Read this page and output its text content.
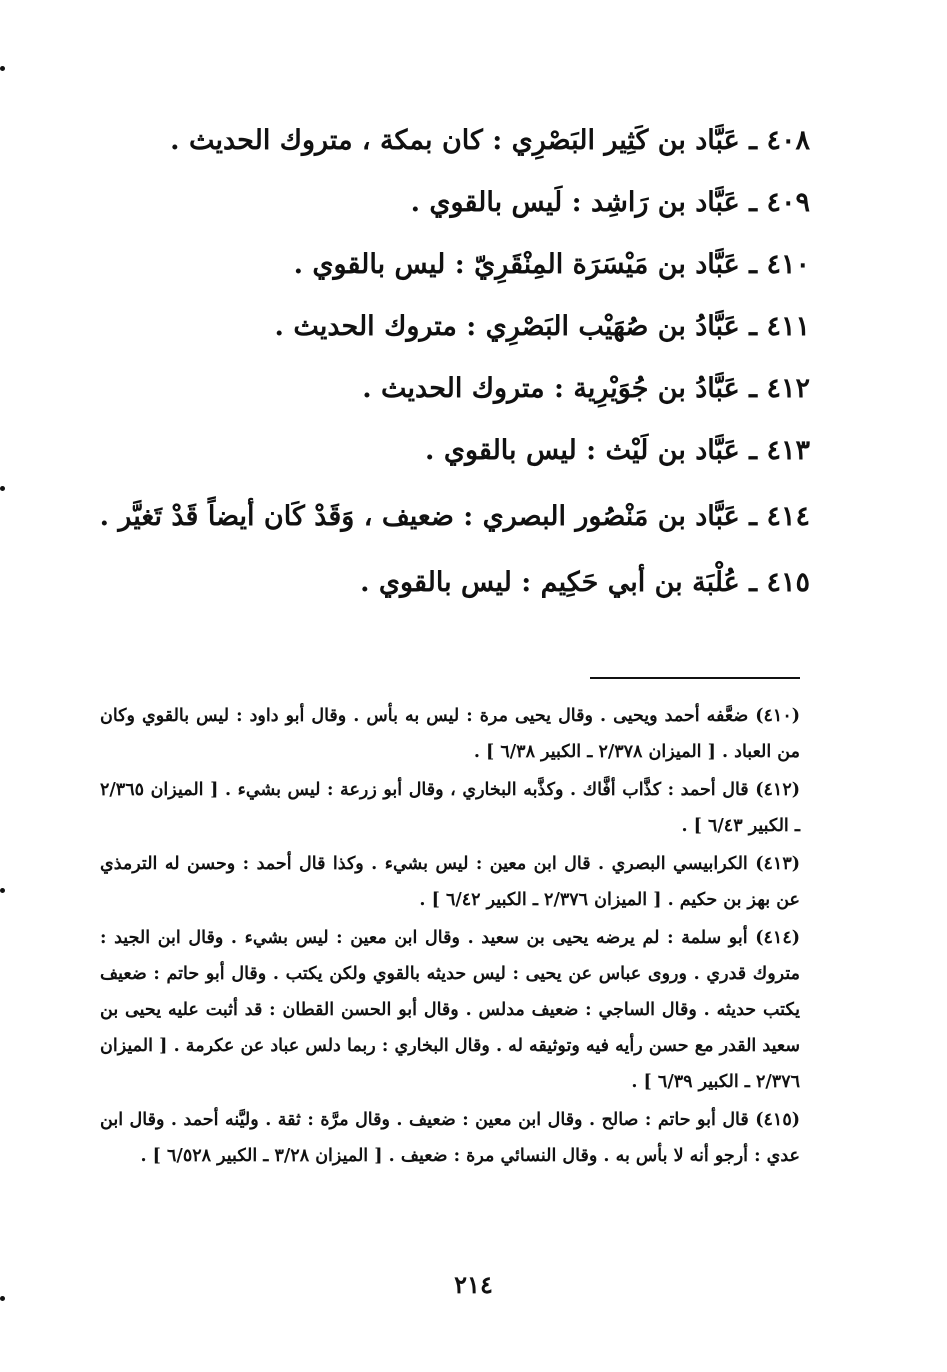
٤٠٨ ـ عَبَّاد بن كَثِير البَصْرِي : كان بمكة ، متروك الحديث .

٤٠٩ ـ عَبَّاد بن رَاشِد : لَيس بالقوي .

٤١٠ ـ عَبَّاد بن مَيْسَرَة المِنْقَرِيّ : ليس بالقوي .

٤١١ ـ عَبَّادُ بن صُهَيْب البَصْرِي : متروك الحديث .

٤١٢ ـ عَبَّادُ بن جُوَيْرِية : متروك الحديث .

٤١٣ ـ عَبَّاد بن لَيْث : ليس بالقوي .

٤١٤ ـ عَبَّاد بن مَنْصُور البصري : ضعيف ، وَقَدْ كَان أيضاً قَدْ تَغيَّر .

٤١٥ ـ عُلْبَة بن أبي حَكِيم : ليس بالقوي .

(٤١٠) ضعَّفه أحمد ويحيى . وقال يحيى مرة : ليس به بأس . وقال أبو داود : ليس بالقوي وكان من العباد . [ الميزان ٢/٣٧٨ ـ الكبير ٦/٣٨ ] .

(٤١٢) قال أحمد : كذَّاب أفَّاك . وكذَّبه البخاري ، وقال أبو زرعة : ليس بشيء . [ الميزان ٢/٣٦٥ ـ الكبير ٦/٤٣ ] .

(٤١٣) الكرابيسي البصري . قال ابن معين : ليس بشيء . وكذا قال أحمد : وحسن له الترمذي عن بهز بن حكيم . [ الميزان ٢/٣٧٦ ـ الكبير ٦/٤٢ ] .

(٤١٤) أبو سلمة : لم يرضه يحيى بن سعيد . وقال ابن معين : ليس بشيء . وقال ابن الجيد : متروك قدري . وروى عباس عن يحيى : ليس حديثه بالقوي ولكن يكتب . وقال أبو حاتم : ضعيف يكتب حديثه . وقال الساجي : ضعيف مدلس . وقال أبو الحسن القطان : قد أثبت عليه يحيى بن سعيد القدر مع حسن رأيه فيه وتوثيقه له . وقال البخاري : ربما دلس عباد عن عكرمة . [ الميزان ٢/٣٧٦ ـ الكبير ٦/٣٩ ] .

(٤١٥) قال أبو حاتم : صالح . وقال ابن معين : ضعيف . وقال مرَّة : ثقة . وليَّنه أحمد . وقال ابن عدي : أرجو أنه لا بأس به . وقال النسائي مرة : ضعيف . [ الميزان ٣/٢٨ ـ الكبير ٦/٥٢٨ ] .

٢١٤
